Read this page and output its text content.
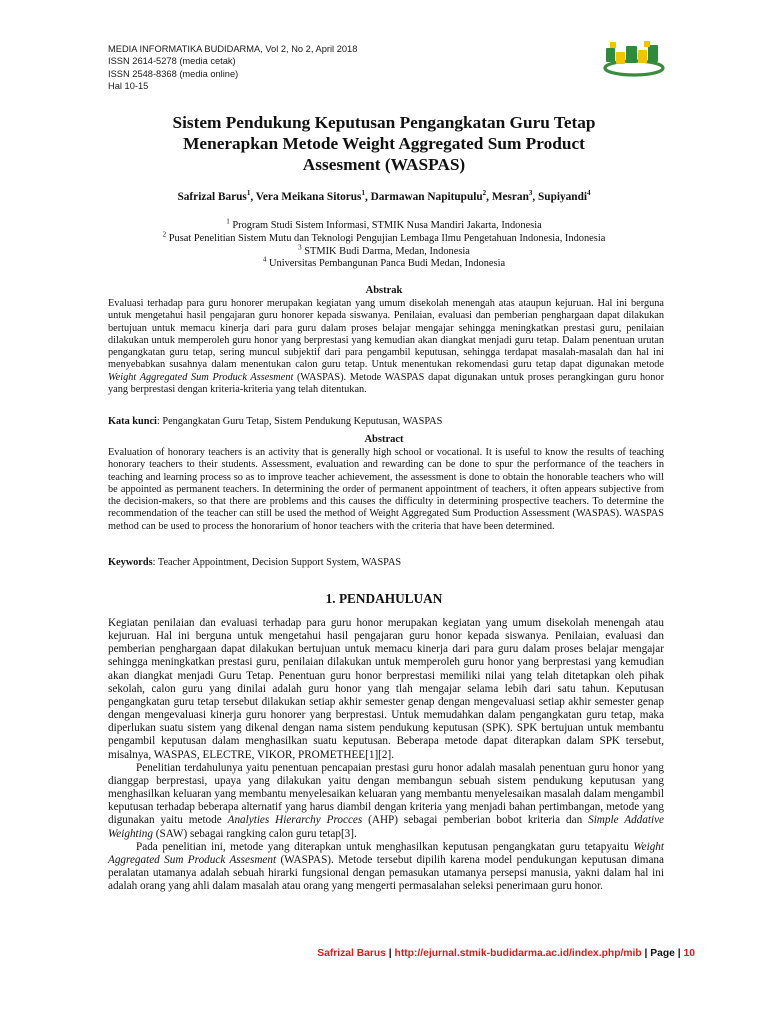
MEDIA INFORMATIKA BUDIDARMA, Vol 2, No 2, April 2018
ISSN 2614-5278 (media cetak)
ISSN 2548-8368 (media online)
Hal 10-15
Sistem Pendukung Keputusan Pengangkatan Guru Tetap
Menerapkan Metode Weight Aggregated Sum Product
Assesment (WASPAS)
Safrizal Barus$^1$, Vera Meikana Sitorus$^1$, Darmawan Napitupulu$^2$, Mesran$^3$, Supiyandi$^4$
$^1$ Program Studi Sistem Informasi, STMIK Nusa Mandiri Jakarta, Indonesia
$^2$ Pusat Penelitian Sistem Mutu dan Teknologi Pengujian Lembaga Ilmu Pengetahuan Indonesia, Indonesia
$^3$ STMIK Budi Darma, Medan, Indonesia
$^4$ Universitas Pembangunan Panca Budi Medan, Indonesia
Abstrak

Evaluasi terhadap para guru honorer merupakan kegiatan yang umum disekolah menengah atas ataupun kejuruan. Hal ini berguna untuk mengetahui hasil pengajaran guru honorer kepada siswanya. Penilaian, evaluasi dan pemberian penghargaan dapat dilakukan bertujuan untuk memacu kinerja dari para guru dalam proses belajar mengajar sehingga meningkatkan prestasi guru, penilaian dilakukan untuk memperoleh guru honor yang berprestasi yang kemudian akan diangkat menjadi guru tetap. Dalam penentuan urutan pengangkatan guru tetap, sering muncul subjektif dari para pengambil keputusan, sehingga terdapat masalah-masalah dan hal ini menyebabkan susahnya dalam menentukan calon guru tetap. Untuk menentukan rekomendasi guru tetap dapat digunakan metode Weight Aggregated Sum Produck Assesment (WASPAS). Metode WASPAS dapat digunakan untuk proses perangkingan guru honor yang berprestasi dengan kriteria-kriteria yang telah ditentukan.

Kata kunci: Pengangkatan Guru Tetap, Sistem Pendukung Keputusan, WASPAS
Abstract

Evaluation of honorary teachers is an activity that is generally high school or vocational. It is useful to know the results of teaching honorary teachers to their students. Assessment, evaluation and rewarding can be done to spur the performance of the teachers in teaching and learning process so as to improve teacher achievement, the assessment is done to obtain the honorable teachers who will be appointed as permanent teachers. In determining the order of permanent appointment of teachers, it often appears subjective from the decision-makers, so that there are problems and this causes the difficulty in determining prospective teachers. To determine the recommendation of the teacher can still be used the method of Weight Aggregated Sum Production Assessment (WASPAS). WASPAS method can be used to process the honorarium of honor teachers with the criteria that have been determined.

Keywords: Teacher Appointment, Decision Support System, WASPAS
1. PENDAHULUAN

Kegiatan penilaian dan evaluasi terhadap para guru honor merupakan kegiatan yang umum disekolah menengah atau kejuruan. Hal ini berguna untuk mengetahui hasil pengajaran guru honor kepada siswanya. Penilaian, evaluasi dan pemberian penghargaan dapat dilakukan bertujuan untuk memacu kinerja dari para guru dalam proses belajar mengajar sehingga meningkatkan prestasi guru, penilaian dilakukan untuk memperoleh guru honor yang berprestasi yang kemudian akan diangkat menjadi Guru Tetap. Penentuan guru honor berprestasi memiliki nilai yang telah ditetapkan oleh pihak sekolah, calon guru yang dinilai adalah guru honor yang tlah mengajar selama lebih dari satu tahun. Keputusan pengangkatan guru tetap tersebut dilakukan setiap akhir semester genap dengan mengevaluasi setiap akhir semester genap dengan mengevaluasi kinerja guru honorer yang berprestasi. Untuk memudahkan dalam pengangkatan guru tetap, maka diperlukan suatu sistem yang dikenal dengan nama sistem pendukung keputusan (SPK). SPK bertujuan untuk membantu pengambil keputusan dalam menghasilkan suatu keputusan. Beberapa metode dapat diterapkan dalam SPK tersebut, misalnya, WASPAS, ELECTRE, VIKOR, PROMETHEE[1][2].

Penelitian terdahulunya yaitu penentuan pencapaian prestasi guru honor adalah masalah penentuan guru honor yang dianggap berprestasi, upaya yang dilakukan yaitu dengan membangun sebuah sistem pendukung keputusan yang menghasilkan keluaran yang membantu menyelesaikan keluaran yang membantu menyelesaikan masalah dalam mengambil keputusan terhadap beberapa alternatif yang harus diambil dengan kriteria yang menjadi bahan pertimbangan, metode yang digunakan yaitu metode Analyties Hierarchy Procces (AHP) sebagai pemberian bobot kriteria dan Simple Addative Weighting (SAW) sebagai rangking calon guru tetap[3].

Pada penelitian ini, metode yang diterapkan untuk menghasilkan keputusan pengangkatan guru tetapyaitu Weight Aggregated Sum Produck Assesment (WASPAS). Metode tersebut dipilih karena model pendukungan keputusan dimana peralatan utamanya adalah sebuah hirarki fungsional dengan pemasukan utamanya persepsi manusia, yakni dalam hal ini adalah orang yang ahli dalam masalah atau orang yang mengerti permasalahan seleksi penerimaan guru honor.

Safrizal Barus | http://ejurnal.stmik-budidarma.ac.id/index.php/mib | Page | 10
